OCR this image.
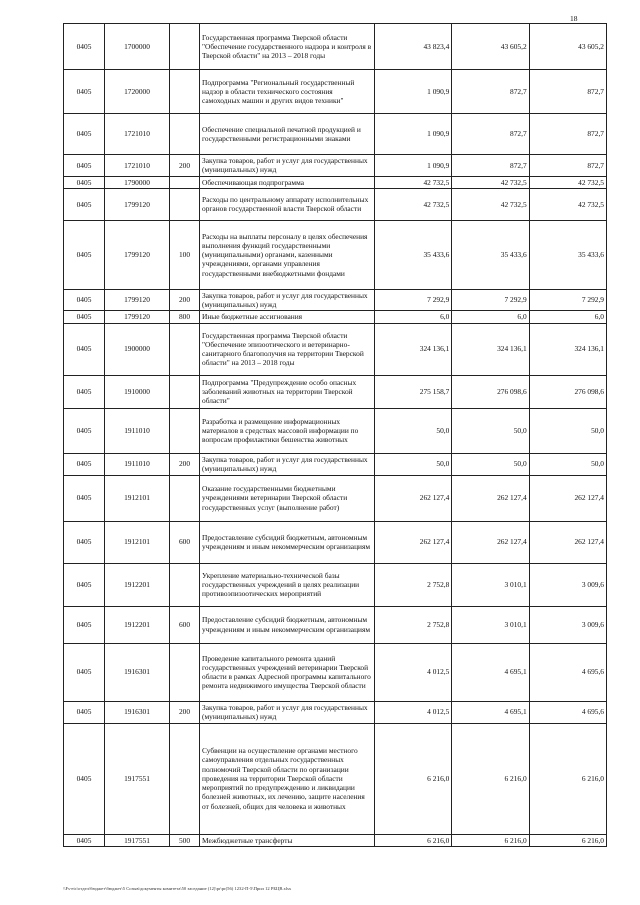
18
0405	1700000		Государственная программа Тверской области "Обеспечение государственного надзора и контроля в Тверской области" на 2013 – 2018 годы	43 823,4	43 605,2	43 605,2
0405	1720000		Подпрограмма "Региональный государственный надзор в области технического состояния самоходных машин и других видов техники"	1 090,9	872,7	872,7
0405	1721010		Обеспечение специальной печатной продукцией и государственными регистрационными знаками	1 090,9	872,7	872,7
0405	1721010	200	Закупка товаров, работ и услуг для государственных (муниципальных) нужд	1 090,9	872,7	872,7
0405	1790000		Обеспечивающая подпрограмма	42 732,5	42 732,5	42 732,5
0405	1799120		Расходы по центральному аппарату исполнительных органов государственной власти Тверской области	42 732,5	42 732,5	42 732,5
0405	1799120	100	Расходы на выплаты персоналу в целях обеспечения выполнения функций государственными (муниципальными) органами, казенными учреждениями, органами управления государственными внебюджетными фондами	35 433,6	35 433,6	35 433,6
0405	1799120	200	Закупка товаров, работ и услуг для государственных (муниципальных) нужд	7 292,9	7 292,9	7 292,9
0405	1799120	800	Иные бюджетные ассигнования	6,0	6,0	6,0
0405	1900000		Государственная программа Тверской области "Обеспечение эпизоотического и ветеринарно-санитарного благополучия на территории Тверской области" на 2013 – 2018 годы	324 136,1	324 136,1	324 136,1
0405	1910000		Подпрограмма "Предупреждение особо опасных заболеваний животных на территории Тверской области"	275 158,7	276 098,6	276 098,6
0405	1911010		Разработка и размещение информационных материалов в средствах массовой информации по вопросам профилактики бешенства животных	50,0	50,0	50,0
0405	1911010	200	Закупка товаров, работ и услуг для государственных (муниципальных) нужд	50,0	50,0	50,0
0405	1912101		Оказание государственными бюджетными учреждениями ветеринарии Тверской области государственных услуг (выполнение работ)	262 127,4	262 127,4	262 127,4
0405	1912101	600	Предоставление субсидий бюджетным, автономным учреждениям и иным некоммерческим организациям	262 127,4	262 127,4	262 127,4
0405	1912201		Укрепление материально-технической базы государственных учреждений в целях реализации противоэпизоотических мероприятий	2 752,8	3 010,1	3 009,6
0405	1912201	600	Предоставление субсидий бюджетным, автономным учреждениям и иным некоммерческим организациям	2 752,8	3 010,1	3 009,6
0405	1916301		Проведение капитального ремонта зданий государственных учреждений ветеринарии Тверской области в рамках Адресной программы капитального ремонта недвижимого имущества Тверской области	4 012,5	4 695,1	4 695,6
0405	1916301	200	Закупка товаров, работ и услуг для государственных (муниципальных) нужд	4 012,5	4 695,1	4 695,6
0405	1917551		Субвенции на осуществление органами местного самоуправления отдельных государственных полномочий Тверской области по организации проведения на территории Тверской области мероприятий по предупреждению и ликвидации болезней животных, их лечению, защите населения от болезней, общих для человека и животных	6 216,0	6 216,0	6 216,0
0405	1917551	500	Межбюджетные трансферты	6 216,0	6 216,0	6 216,0
\\Fs-etc\отдел\бюджет\бюджет\5 Созыв\документы комитета\50 заседание (12)\pr\pr(56) 1232-П-5\Прил 12 РБЦВ.xlsx
